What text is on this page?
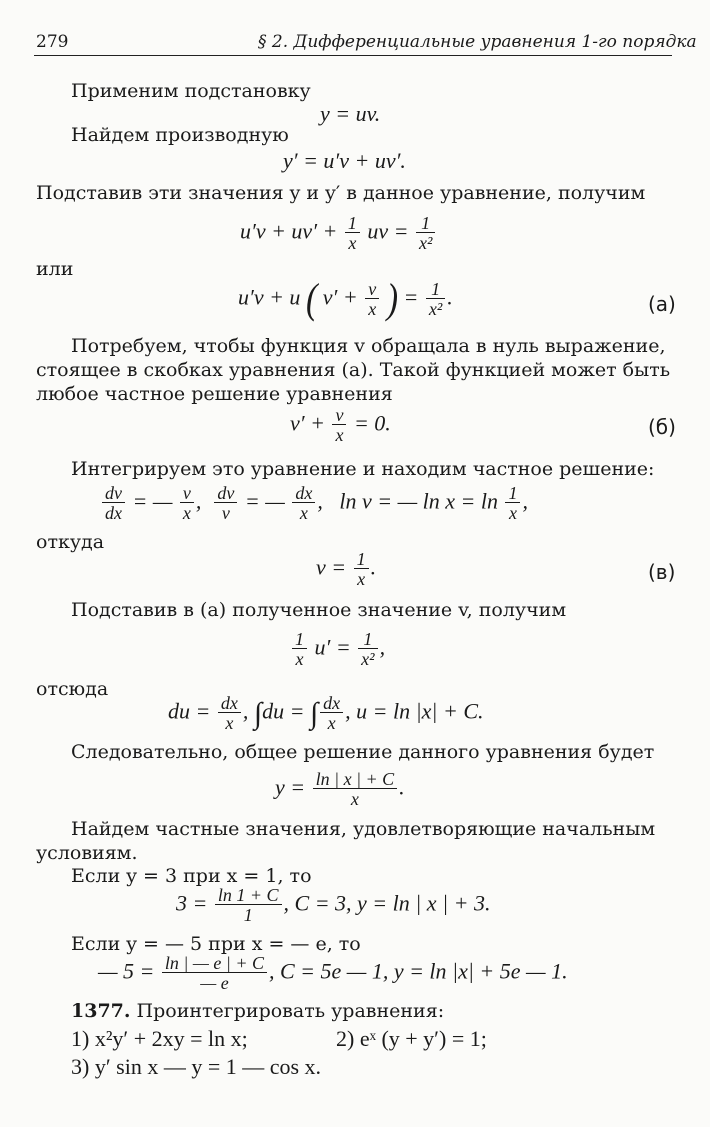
279	§ 2. Дифференциальные уравнения 1-го порядка
Применим подстановку
y = uv.
Найдем производную
y′ = u′v + uv′.
Подставив эти значения y и y′ в данное уравнение, получим
$u'v + uv' + \frac{1}{x}$ uv = $\frac{1}{\text{x²}}$
или
u′v + u ( $v' + \frac{v}{x}$ ) = $\frac{1}{\text{x²}}$ .	(а)
Потребуем, чтобы функция v обращала в нуль выражение,
стоящее в скобках уравнения (а). Такой функцией может быть
любое частное решение уравнения
$v' + \frac{v}{x} = 0$.	(б)
Интегрируем это уравнение и находим частное решение:
$\frac{dv}{dx}$ = — $\frac{v}{x}$ , $\frac{dv}{v}$ = — $\frac{dx}{x}$ , ln v = — $\ln x = \ln \frac{1}{x}$ ,
откуда
$v = \frac{1}{x}$ .	(в)
Подставив в (а) полученное значение v, получим
$\frac{1}{x} u' = \frac{1}{\text{x²}}$ ,
отсюда
du = $\frac{dx}{x}$ , ∫du = ∫ $\frac{dx}{x}$ , u = ln |x| + C.
Следовательно, общее решение данного уравнения будет
$y = \frac{\ln | x | + C}{x}$ .
Найдем частные значения, удовлетворяющие начальным
условиям.
Если y = 3 при x = 1, то
$3 = \frac{\ln 1 + C}{1}$ , C = 3, y = ln | x | + 3.
Если y = — 5 при x = — e, то
— $5 = \frac{\ln | — e | + C}{— e}$ , C = 5e — 1, y = ln |x| + 5e — 1.
1377. Проинтегрировать уравнения:
1) x²y′ + 2xy = ln x;	2) eˣ (y + y′) = 1;
3) y′ sin x — y = 1 — cos x.
